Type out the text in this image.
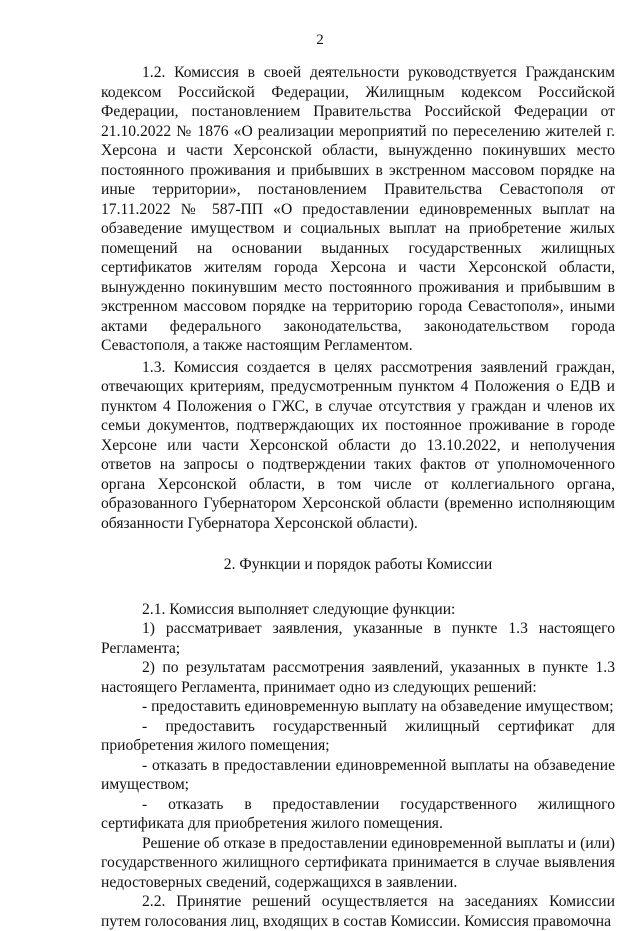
2

1.2. Комиссия в своей деятельности руководствуется Гражданским кодексом Российской Федерации, Жилищным кодексом Российской Федерации, постановлением Правительства Российской Федерации от 21.10.2022 № 1876 «О реализации мероприятий по переселению жителей г. Херсона и части Херсонской области, вынужденно покинувших место постоянного проживания и прибывших в экстренном массовом порядке на иные территории», постановлением Правительства Севастополя от 17.11.2022 № 587-ПП «О предоставлении единовременных выплат на обзаведение имуществом и социальных выплат на приобретение жилых помещений на основании выданных государственных жилищных сертификатов жителям города Херсона и части Херсонской области, вынужденно покинувшим место постоянного проживания и прибывшим в экстренном массовом порядке на территорию города Севастополя», иными актами федерального законодательства, законодательством города Севастополя, а также настоящим Регламентом.

1.3. Комиссия создается в целях рассмотрения заявлений граждан, отвечающих критериям, предусмотренным пунктом 4 Положения о ЕДВ и пунктом 4 Положения о ГЖС, в случае отсутствия у граждан и членов их семьи документов, подтверждающих их постоянное проживание в городе Херсоне или части Херсонской области до 13.10.2022, и неполучения ответов на запросы о подтверждении таких фактов от уполномоченного органа Херсонской области, в том числе от коллегиального органа, образованного Губернатором Херсонской области (временно исполняющим обязанности Губернатора Херсонской области).

2. Функции и порядок работы Комиссии

2.1. Комиссия выполняет следующие функции:

1) рассматривает заявления, указанные в пункте 1.3 настоящего Регламента;

2) по результатам рассмотрения заявлений, указанных в пункте 1.3 настоящего Регламента, принимает одно из следующих решений:

- предоставить единовременную выплату на обзаведение имуществом;

- предоставить государственный жилищный сертификат для приобретения жилого помещения;

- отказать в предоставлении единовременной выплаты на обзаведение имуществом;

- отказать в предоставлении государственного жилищного сертификата для приобретения жилого помещения.

Решение об отказе в предоставлении единовременной выплаты и (или) государственного жилищного сертификата принимается в случае выявления недостоверных сведений, содержащихся в заявлении.

2.2. Принятие решений осуществляется на заседаниях Комиссии путем голосования лиц, входящих в состав Комиссии. Комиссия правомочна
